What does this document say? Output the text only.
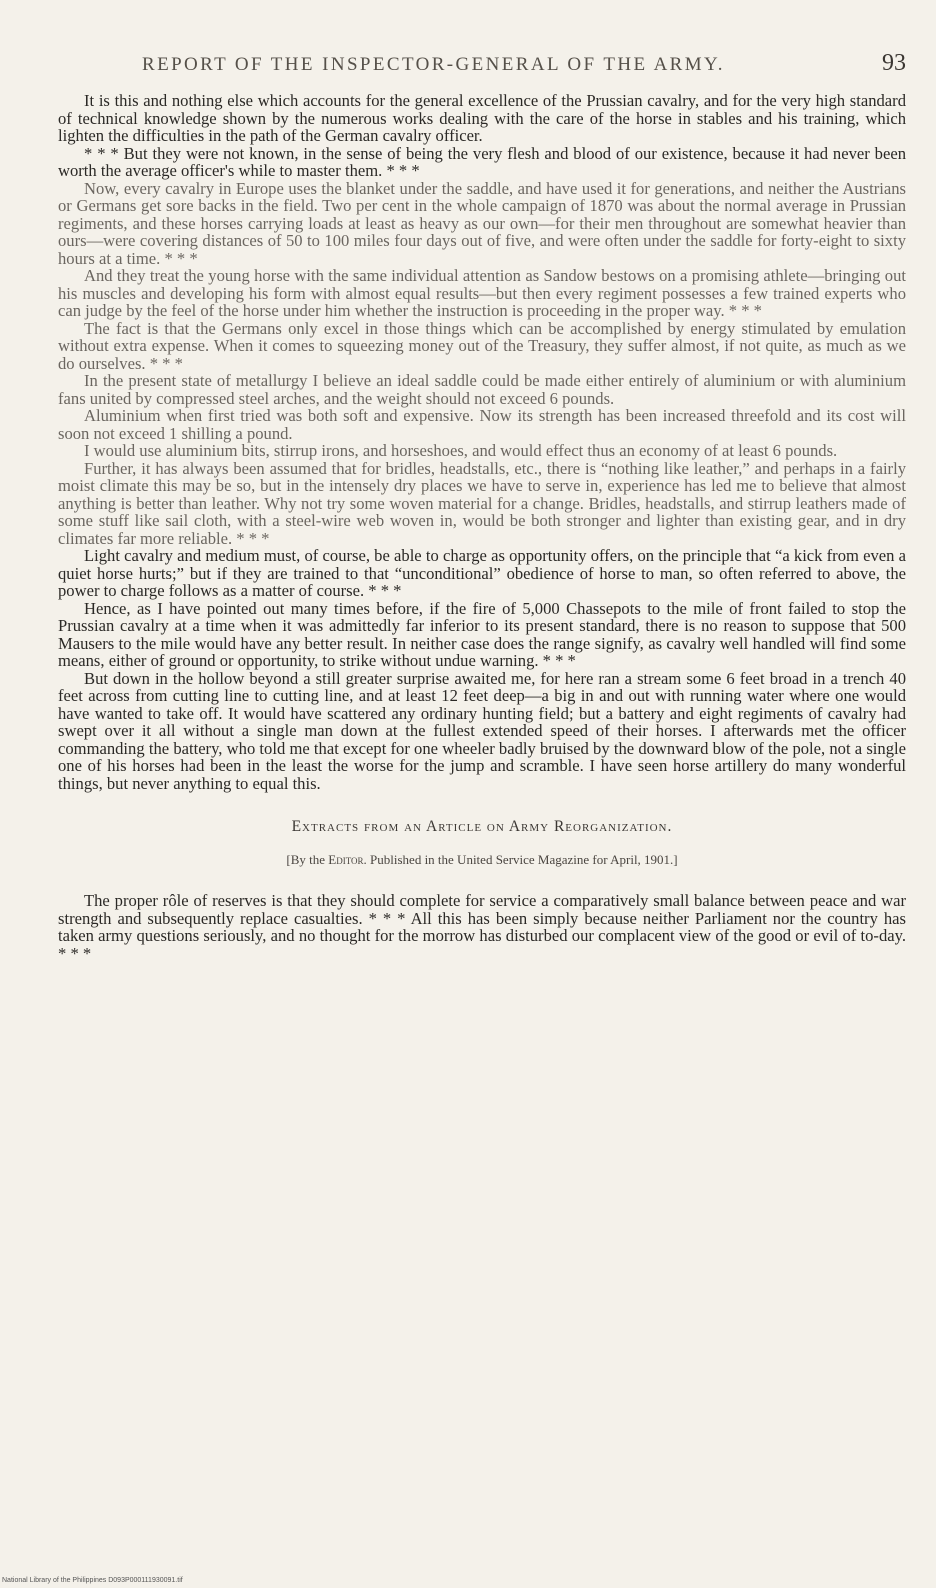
REPORT OF THE INSPECTOR-GENERAL OF THE ARMY.	93

It is this and nothing else which accounts for the general excellence of the Prussian cavalry, and for the very high standard of technical knowledge shown by the numerous works dealing with the care of the horse in stables and his training, which lighten the difficulties in the path of the German cavalry officer.

* * * But they were not known, in the sense of being the very flesh and blood of our existence, because it had never been worth the average officer's while to master them. * * *

Now, every cavalry in Europe uses the blanket under the saddle, and have used it for generations, and neither the Austrians or Germans get sore backs in the field. Two per cent in the whole campaign of 1870 was about the normal average in Prussian regiments, and these horses carrying loads at least as heavy as our own—for their men throughout are somewhat heavier than ours—were covering distances of 50 to 100 miles four days out of five, and were often under the saddle for forty-eight to sixty hours at a time. * * *

And they treat the young horse with the same individual attention as Sandow bestows on a promising athlete—bringing out his muscles and developing his form with almost equal results—but then every regiment possesses a few trained experts who can judge by the feel of the horse under him whether the instruction is proceeding in the proper way. * * *

The fact is that the Germans only excel in those things which can be accomplished by energy stimulated by emulation without extra expense. When it comes to squeezing money out of the Treasury, they suffer almost, if not quite, as much as we do ourselves. * * *

In the present state of metallurgy I believe an ideal saddle could be made either entirely of aluminium or with aluminium fans united by compressed steel arches, and the weight should not exceed 6 pounds.

Aluminium when first tried was both soft and expensive. Now its strength has been increased threefold and its cost will soon not exceed 1 shilling a pound.

I would use aluminium bits, stirrup irons, and horseshoes, and would effect thus an economy of at least 6 pounds.

Further, it has always been assumed that for bridles, headstalls, etc., there is “nothing like leather,” and perhaps in a fairly moist climate this may be so, but in the intensely dry places we have to serve in, experience has led me to believe that almost anything is better than leather. Why not try some woven material for a change. Bridles, headstalls, and stirrup leathers made of some stuff like sail cloth, with a steel-wire web woven in, would be both stronger and lighter than existing gear, and in dry climates far more reliable. * * *

Light cavalry and medium must, of course, be able to charge as opportunity offers, on the principle that “a kick from even a quiet horse hurts;” but if they are trained to that “unconditional” obedience of horse to man, so often referred to above, the power to charge follows as a matter of course. * * *

Hence, as I have pointed out many times before, if the fire of 5,000 Chassepots to the mile of front failed to stop the Prussian cavalry at a time when it was admittedly far inferior to its present standard, there is no reason to suppose that 500 Mausers to the mile would have any better result. In neither case does the range signify, as cavalry well handled will find some means, either of ground or opportunity, to strike without undue warning. * * *

But down in the hollow beyond a still greater surprise awaited me, for here ran a stream some 6 feet broad in a trench 40 feet across from cutting line to cutting line, and at least 12 feet deep—a big in and out with running water where one would have wanted to take off. It would have scattered any ordinary hunting field; but a battery and eight regiments of cavalry had swept over it all without a single man down at the fullest extended speed of their horses. I afterwards met the officer commanding the battery, who told me that except for one wheeler badly bruised by the downward blow of the pole, not a single one of his horses had been in the least the worse for the jump and scramble. I have seen horse artillery do many wonderful things, but never anything to equal this.

Extracts from an Article on Army Reorganization.
[By the Editor. Published in the United Service Magazine for April, 1901.]

The proper rôle of reserves is that they should complete for service a comparatively small balance between peace and war strength and subsequently replace casualties. * * * All this has been simply because neither Parliament nor the country has taken army questions seriously, and no thought for the morrow has disturbed our complacent view of the good or evil of to-day. * * *

National Library of the Philippines D093P000111930091.tif
